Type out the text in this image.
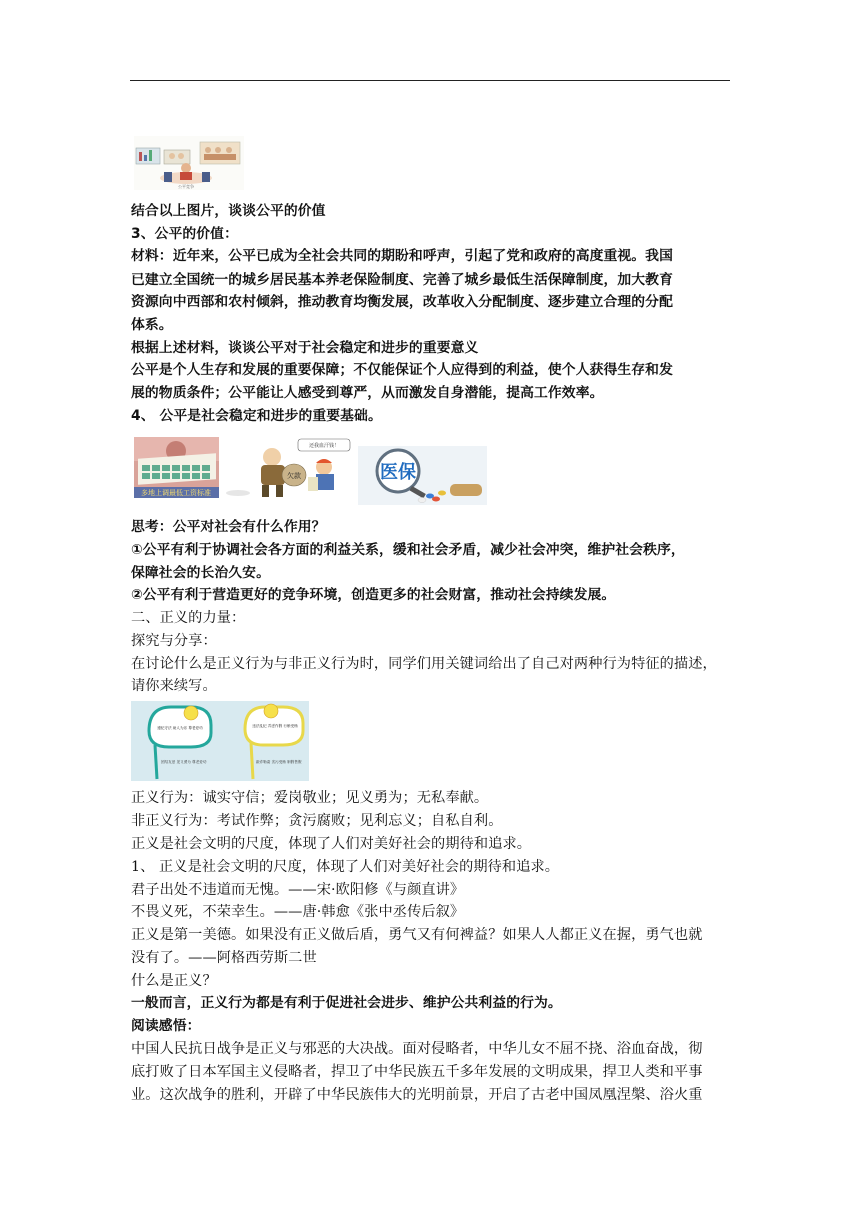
公平竞争
多地上调最低工资标准
还我血汗钱！
欠款	医保
遵纪守法 助人为乐 尊老爱幼
团结友爱 见义勇为 尊老爱幼
违法乱纪 弄虚作假 行贿受贿
敲诈勒索 贪污受贿 制假售假
结合以上图片，谈谈公平的价值
3、公平的价值：
材料：近年来，公平已成为全社会共同的期盼和呼声，引起了党和政府的高度重视。我国
已建立全国统一的城乡居民基本养老保险制度、完善了城乡最低生活保障制度，加大教育
资源向中西部和农村倾斜，推动教育均衡发展，改革收入分配制度、逐步建立合理的分配
体系。
根据上述材料，谈谈公平对于社会稳定和进步的重要意义
公平是个人生存和发展的重要保障；不仅能保证个人应得到的利益，使个人获得生存和发
展的物质条件；公平能让人感受到尊严，从而激发自身潜能，提高工作效率。
4、 公平是社会稳定和进步的重要基础。
思考：公平对社会有什么作用？
①公平有利于协调社会各方面的利益关系，缓和社会矛盾，减少社会冲突，维护社会秩序，
保障社会的长治久安。
②公平有利于营造更好的竞争环境，创造更多的社会财富，推动社会持续发展。
二、正义的力量：
探究与分享：
在讨论什么是正义行为与非正义行为时，同学们用关键词给出了自己对两种行为特征的描述，
请你来续写。
正义行为：诚实守信；爱岗敬业；见义勇为；无私奉献。
非正义行为：考试作弊；贪污腐败；见利忘义；自私自利。
正义是社会文明的尺度，体现了人们对美好社会的期待和追求。
1、 正义是社会文明的尺度，体现了人们对美好社会的期待和追求。
君子出处不违道而无愧。——宋·欧阳修《与颜直讲》
不畏义死，不荣幸生。——唐·韩愈《张中丞传后叙》
正义是第一美德。如果没有正义做后盾，勇气又有何裨益？如果人人都正义在握，勇气也就
没有了。——阿格西劳斯二世
什么是正义？
一般而言，正义行为都是有利于促进社会进步、维护公共利益的行为。
阅读感悟：
中国人民抗日战争是正义与邪恶的大决战。面对侵略者，中华儿女不屈不挠、浴血奋战，彻
底打败了日本军国主义侵略者，捍卫了中华民族五千多年发展的文明成果，捍卫人类和平事
业。这次战争的胜利，开辟了中华民族伟大的光明前景，开启了古老中国凤凰涅槃、浴火重
